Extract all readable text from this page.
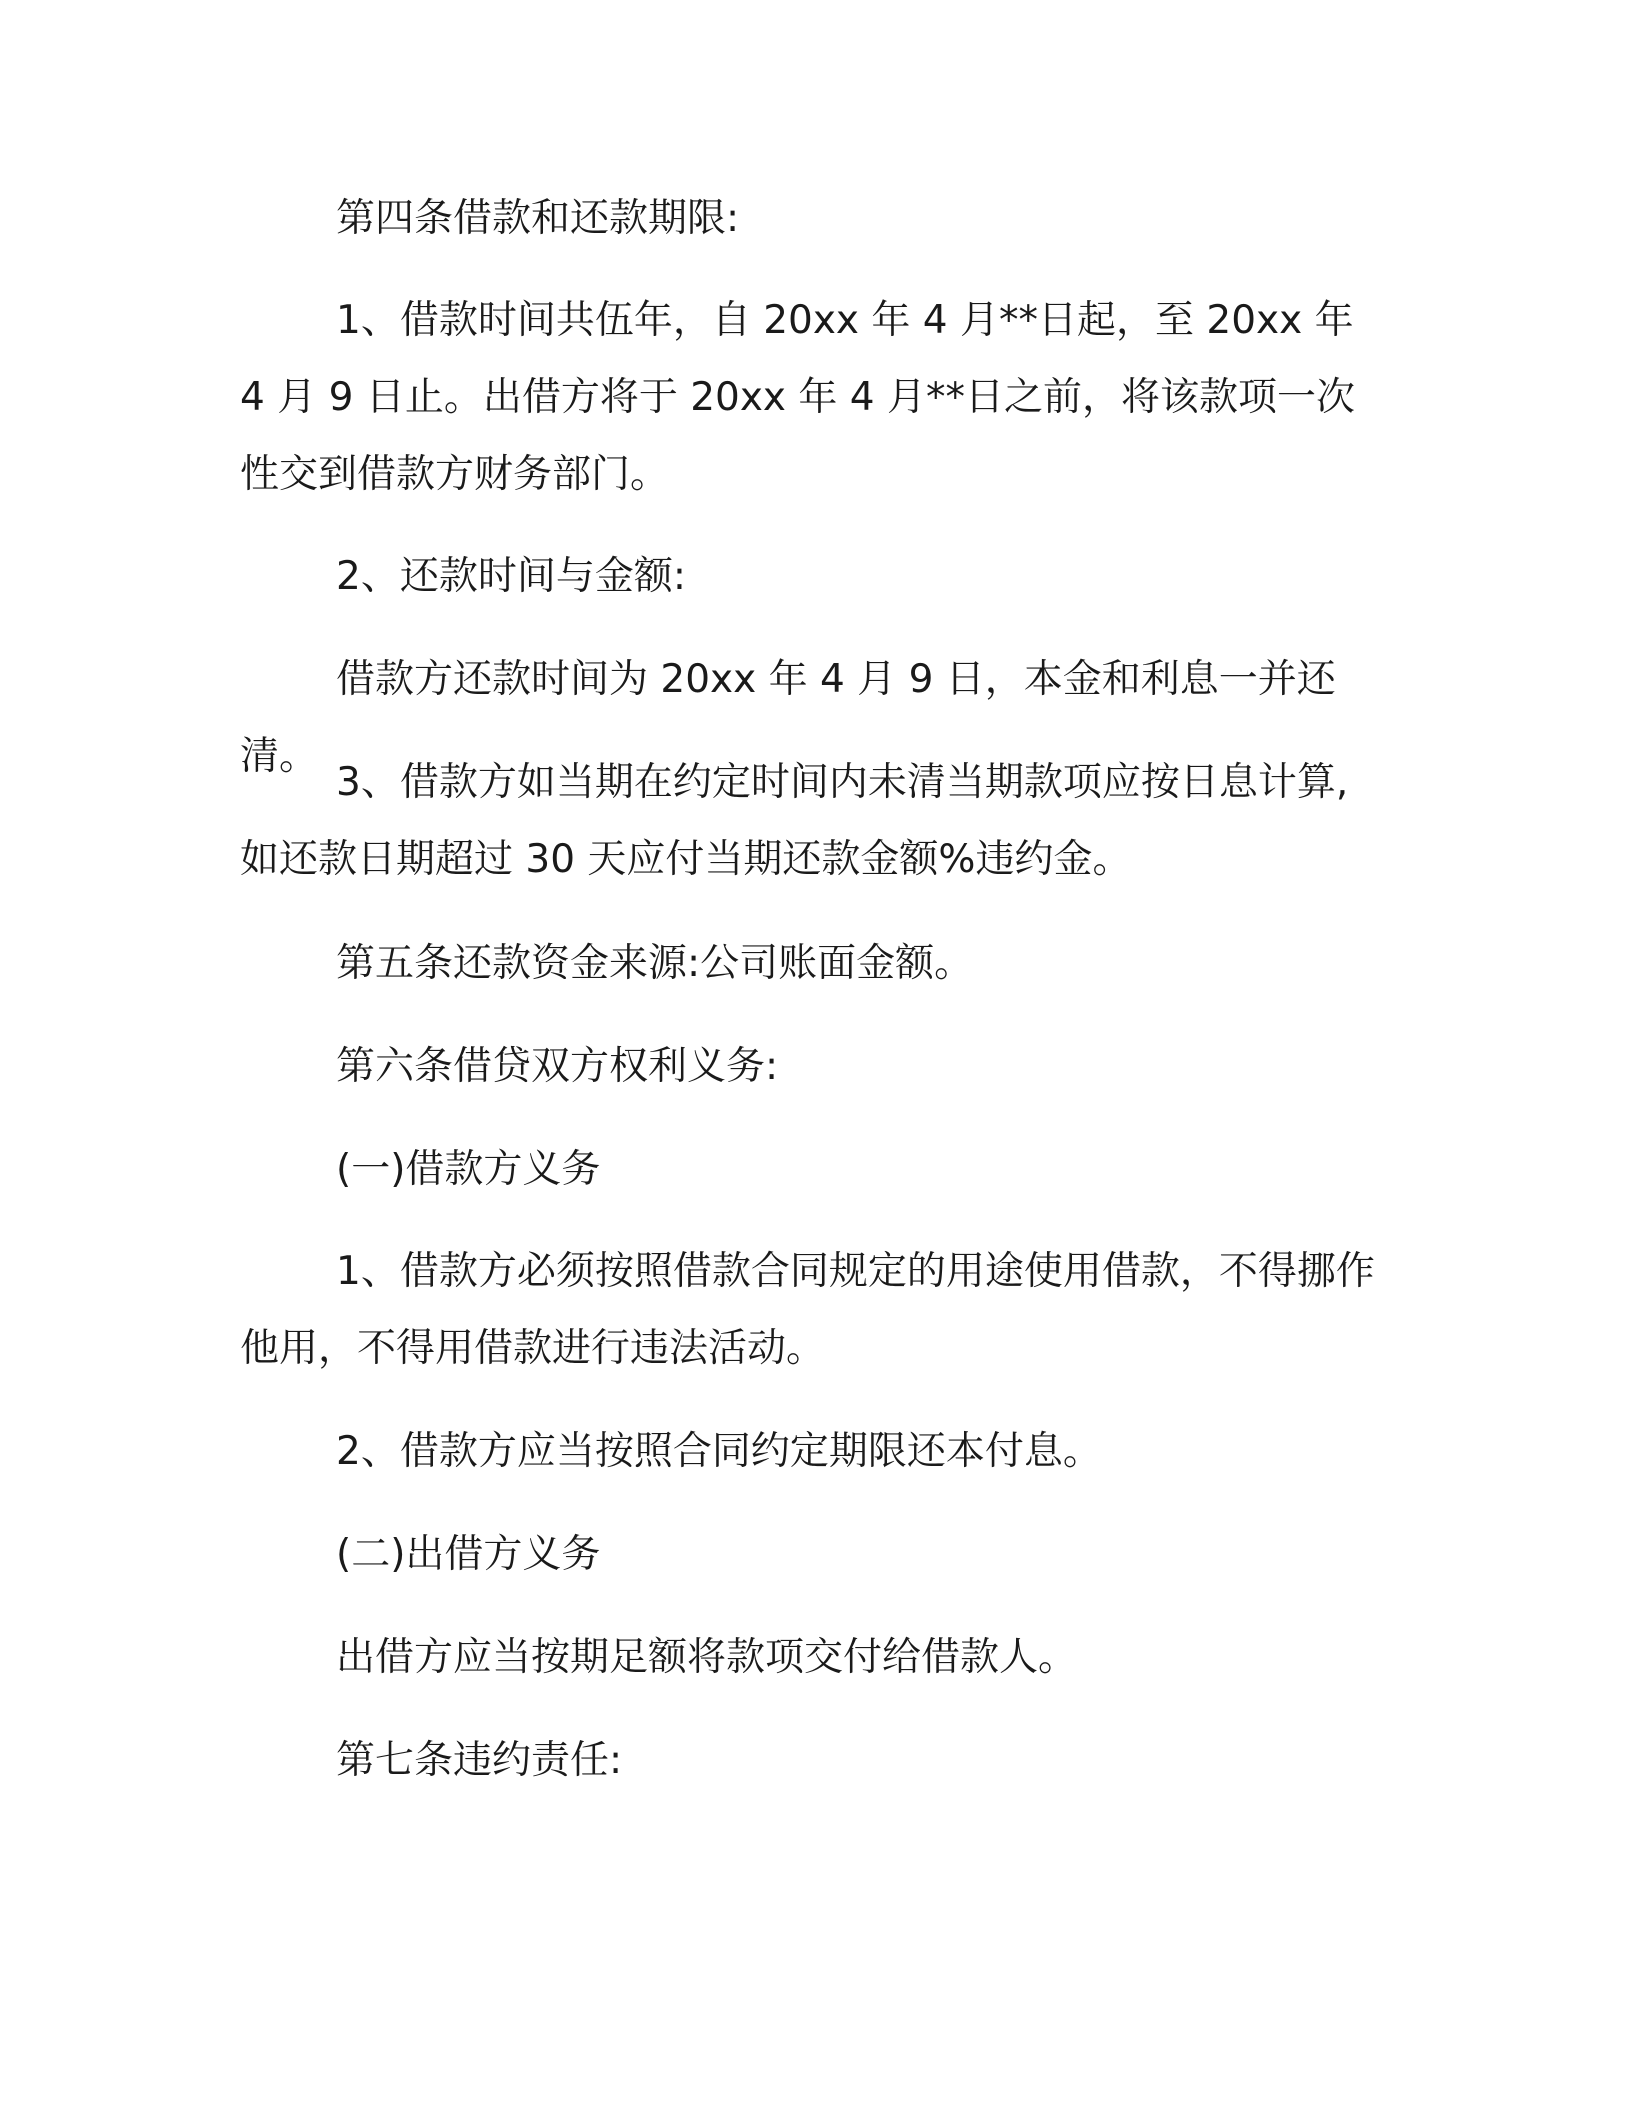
第四条借款和还款期限:
1、借款时间共伍年，自 20xx 年 4 月**日起，至 20xx 年 4 月 9 日止。出借方将于 20xx 年 4 月**日之前，将该款项一次性交到借款方财务部门。
2、还款时间与金额:
借款方还款时间为 20xx 年 4 月 9 日，本金和利息一并还清。
3、借款方如当期在约定时间内未清当期款项应按日息计算,如还款日期超过 30 天应付当期还款金额%违约金。
第五条还款资金来源:公司账面金额。
第六条借贷双方权利义务:
(一)借款方义务
1、借款方必须按照借款合同规定的用途使用借款，不得挪作他用，不得用借款进行违法活动。
2、借款方应当按照合同约定期限还本付息。
(二)出借方义务
出借方应当按期足额将款项交付给借款人。
第七条违约责任:
